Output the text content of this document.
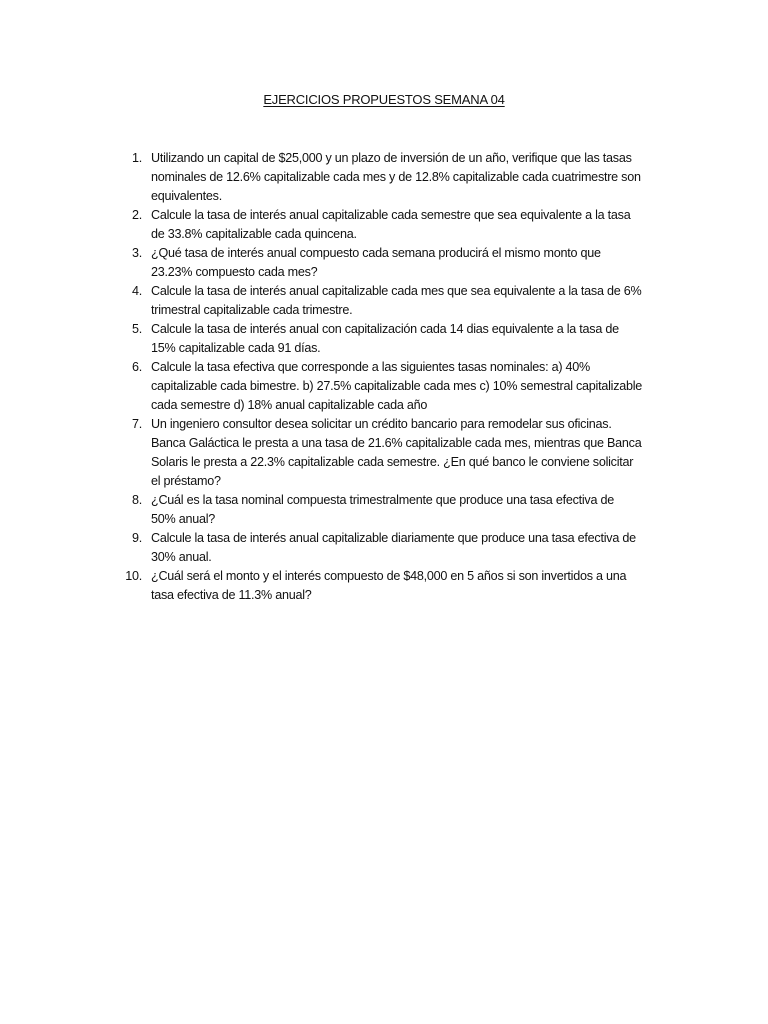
EJERCICIOS PROPUESTOS SEMANA 04
1. Utilizando un capital de $25,000 y un plazo de inversión de un año, verifique que las tasas
nominales de 12.6% capitalizable cada mes y de 12.8% capitalizable cada cuatrimestre son
equivalentes.
2. Calcule la tasa de interés anual capitalizable cada semestre que sea equivalente a la tasa
de 33.8% capitalizable cada quincena.
3. ¿Qué tasa de interés anual compuesto cada semana producirá el mismo monto que
23.23% compuesto cada mes?
4. Calcule la tasa de interés anual capitalizable cada mes que sea equivalente a la tasa de 6%
trimestral capitalizable cada trimestre.
5. Calcule la tasa de interés anual con capitalización cada 14 dias equivalente a la tasa de
15% capitalizable cada 91 días.
6. Calcule la tasa efectiva que corresponde a las siguientes tasas nominales: a) 40%
capitalizable cada bimestre. b) 27.5% capitalizable cada mes c) 10% semestral capitalizable
cada semestre d) 18% anual capitalizable cada año
7. Un ingeniero consultor desea solicitar un crédito bancario para remodelar sus oficinas.
Banca Galáctica le presta a una tasa de 21.6% capitalizable cada mes, mientras que Banca
Solaris le presta a 22.3% capitalizable cada semestre. ¿En qué banco le conviene solicitar
el préstamo?
8. ¿Cuál es la tasa nominal compuesta trimestralmente que produce una tasa efectiva de
50% anual?
9. Calcule la tasa de interés anual capitalizable diariamente que produce una tasa efectiva de
30% anual.
10. ¿Cuál será el monto y el interés compuesto de $48,000 en 5 años si son invertidos a una
tasa efectiva de 11.3% anual?
